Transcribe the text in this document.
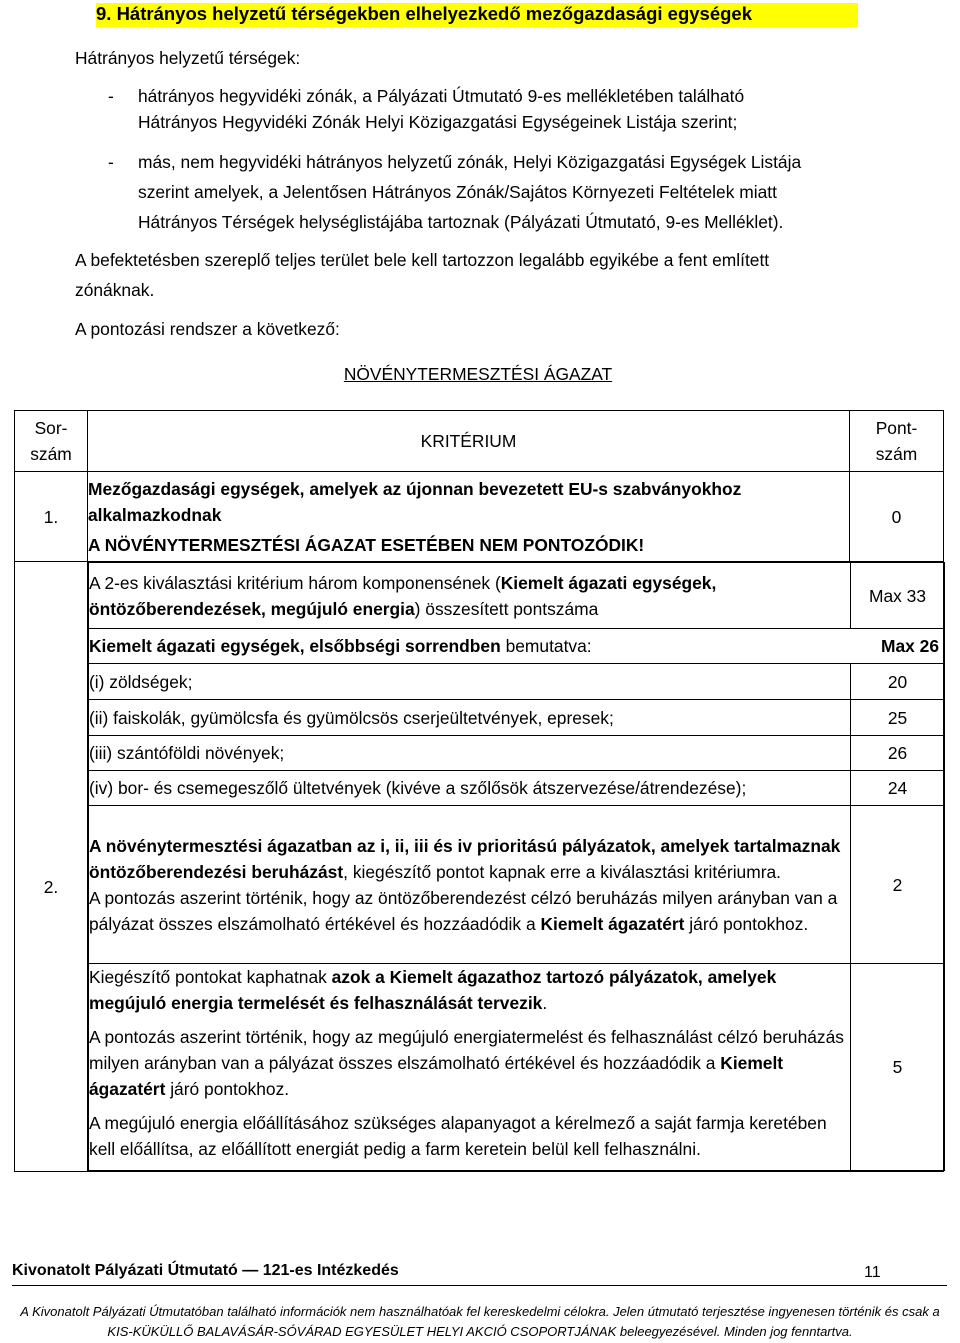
9. Hátrányos helyzetű térségekben elhelyezkedő mezőgazdasági egységek
Hátrányos helyzetű térségek:
-	hátrányos hegyvidéki zónák, a Pályázati Útmutató 9-es mellékletében található
Hátrányos Hegyvidéki Zónák Helyi Közigazgatási Egységeinek Listája szerint;
-	más, nem hegyvidéki hátrányos helyzetű zónák, Helyi Közigazgatási Egységek Listája
szerint amelyek, a Jelentősen Hátrányos Zónák/Sajátos Környezeti Feltételek miatt
Hátrányos Térségek helységlistájába tartoznak (Pályázati Útmutató, 9-es Melléklet).
A befektetésben szereplő teljes terület bele kell tartozzon legalább egyikébe a fent említett
zónáknak.
A pontozási rendszer a következő:
NÖVÉNYTERMESZTÉSI ÁGAZAT
Sor-
szám	KRITÉRIUM	Pont-
szám
1.	
Mezőgazdasági egységek, amelyek az újonnan bevezetett EU-s szabványokhoz
alkalmazkodnak
A NÖVÉNYTERMESZTÉSI ÁGAZAT ESETÉBEN NEM PONTOZÓDIK!
	0
2.	
A 2-es kiválasztási kritérium három komponensének (Kiemelt ágazati egységek, öntözőberendezések, megújuló energia) összesített pontszáma	Max 33
Kiemelt ágazati egységek, elsőbbségi sorrendben bemutatva:	Max 26

(i) zöldségek;	20
(ii) faiskolák, gyümölcsfa és gyümölcsös cserjeültetvények, epresek;	25
(iii) szántóföldi növények;	26
(iv) bor- és csemegeszőlő ültetvények (kivéve a szőlősök átszervezése/átrendezése);	24

A növénytermesztési ágazatban az i, ii, iii és iv prioritású pályázatok, amelyek tartalmaznak öntözőberendezési beruházást, kiegészítő pontot kapnak erre a kiválasztási kritériumra.
A pontozás aszerint történik, hogy az öntözőberendezést célzó beruházás milyen arányban van a pályázat összes elszámolható értékével és hozzáadódik a Kiemelt ágazatért járó pontokhoz.
	2

Kiegészítő pontokat kaphatnak azok a Kiemelt ágazathoz tartozó pályázatok, amelyek megújuló energia termelését és felhasználását tervezik.
A pontozás aszerint történik, hogy az megújuló energiatermelést és felhasználást célzó beruházás milyen arányban van a pályázat összes elszámolható értékével és hozzáadódik a Kiemelt ágazatért járó pontokhoz.
A megújuló energia előállításához szükséges alapanyagot a kérelmező a saját farmja keretében kell előállítsa, az előállított energiát pedig a farm keretein belül kell felhasználni.
	5
Kivonatolt Pályázati Útmutató — 121-es Intézkedés	11
A Kivonatolt Pályázati Útmutatóban található információk nem használhatóak fel kereskedelmi célokra. Jelen útmutató terjesztése ingyenesen történik és csak a
KIS-KÜKÜLLŐ BALAVÁSÁR-SÓVÁRAD EGYESÜLET HELYI AKCIÓ CSOPORTJÁNAK beleegyezésével. Minden jog fenntartva.
